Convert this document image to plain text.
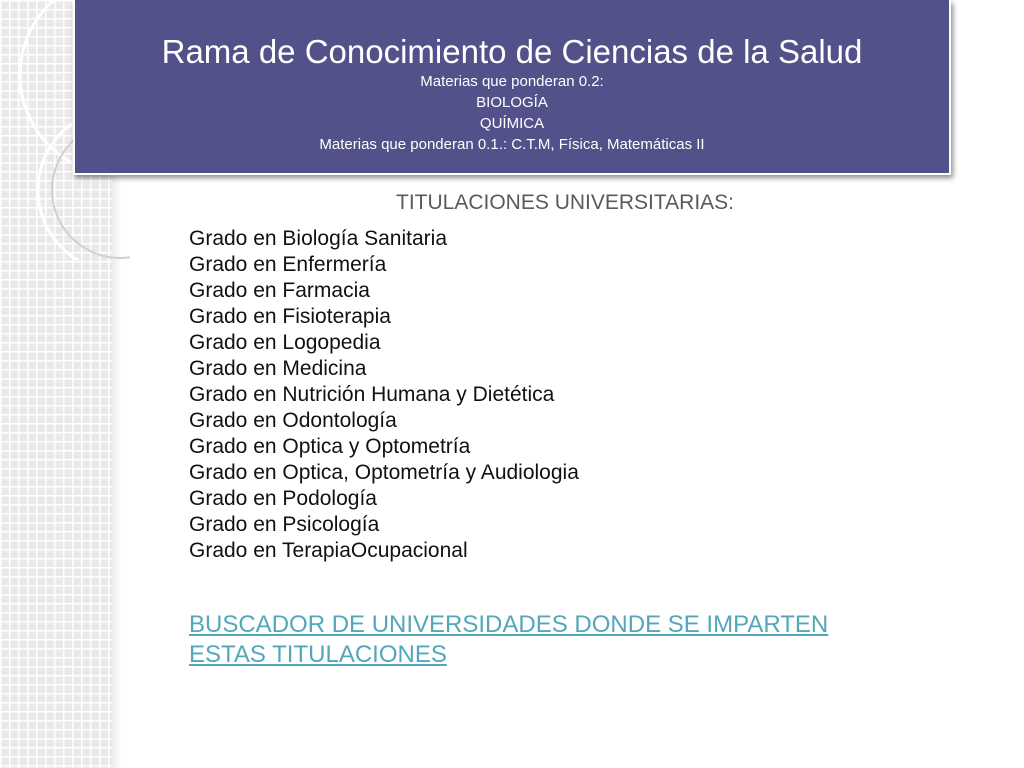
Rama de Conocimiento de Ciencias de la Salud
Materias que ponderan 0.2:
BIOLOGÍA
QUÍMICA
Materias que ponderan 0.1.: C.T.M, Física, Matemáticas II
TITULACIONES UNIVERSITARIAS:
Grado en Biología Sanitaria
Grado en Enfermería
Grado en Farmacia
Grado en Fisioterapia
Grado en Logopedia
Grado en Medicina
Grado en Nutrición Humana y Dietética
Grado en Odontología
Grado en Optica y Optometría
Grado en Optica, Optometría y Audiologia
Grado en Podología
Grado en Psicología
Grado en TerapiaOcupacional
BUSCADOR DE UNIVERSIDADES DONDE SE IMPARTEN ESTAS TITULACIONES
